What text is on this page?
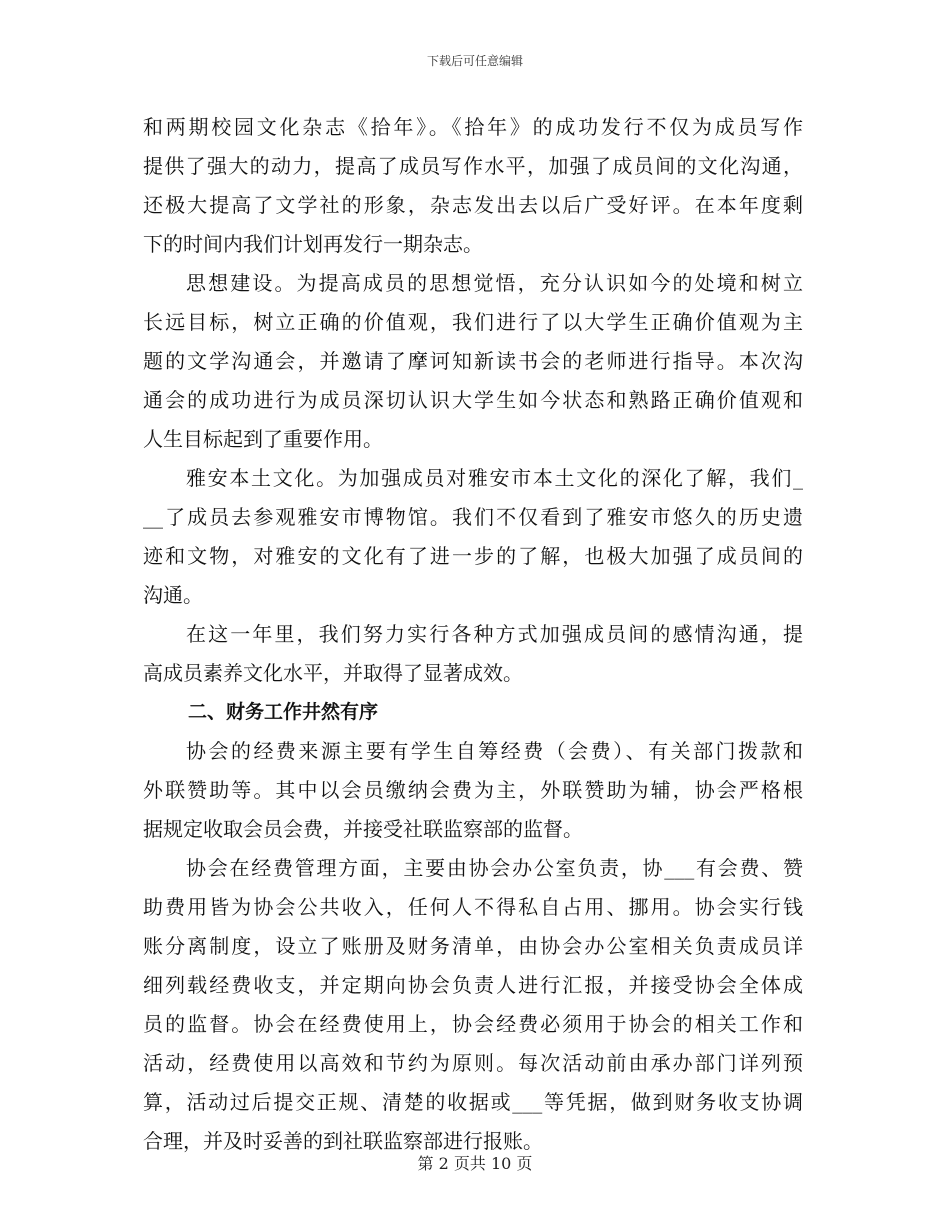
下载后可任意编辑
和两期校园文化杂志《拾年》。《拾年》的成功发行不仅为成员写作
提供了强大的动力，提高了成员写作水平，加强了成员间的文化沟通，
还极大提高了文学社的形象，杂志发出去以后广受好评。在本年度剩
下的时间内我们计划再发行一期杂志。
思想建设。为提高成员的思想觉悟，充分认识如今的处境和树立
长远目标，树立正确的价值观，我们进行了以大学生正确价值观为主
题的文学沟通会，并邀请了摩诃知新读书会的老师进行指导。本次沟
通会的成功进行为成员深切认识大学生如今状态和熟路正确价值观和
人生目标起到了重要作用。
雅安本土文化。为加强成员对雅安市本土文化的深化了解，我们_
__了成员去参观雅安市博物馆。我们不仅看到了雅安市悠久的历史遗
迹和文物，对雅安的文化有了进一步的了解，也极大加强了成员间的
沟通。
在这一年里，我们努力实行各种方式加强成员间的感情沟通，提
高成员素养文化水平，并取得了显著成效。
二、财务工作井然有序
协会的经费来源主要有学生自筹经费（会费）、有关部门拨款和
外联赞助等。其中以会员缴纳会费为主，外联赞助为辅，协会严格根
据规定收取会员会费，并接受社联监察部的监督。
协会在经费管理方面，主要由协会办公室负责，协___有会费、赞
助费用皆为协会公共收入，任何人不得私自占用、挪用。协会实行钱
账分离制度，设立了账册及财务清单，由协会办公室相关负责成员详
细列载经费收支，并定期向协会负责人进行汇报，并接受协会全体成
员的监督。协会在经费使用上，协会经费必须用于协会的相关工作和
活动，经费使用以高效和节约为原则。每次活动前由承办部门详列预
算，活动过后提交正规、清楚的收据或___等凭据，做到财务收支协调
合理，并及时妥善的到社联监察部进行报账。
第 2 页共 10 页
